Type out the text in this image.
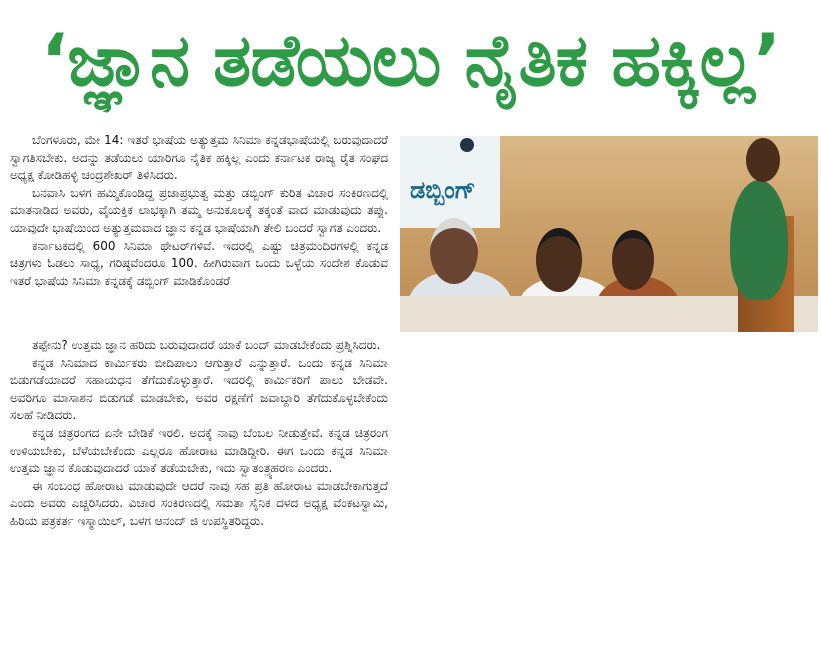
‘ಜ್ಞಾನ ತಡೆಯಲು ನೈತಿಕ ಹಕ್ಕಿಲ್ಲ’

ಬೆಂಗಳೂರು, ಮೇ 14: ಇತರೆ ಭಾಷೆಯ ಅತ್ಯುತ್ತಮ ಸಿನಿಮಾ ಕನ್ನಡಭಾಷೆಯಲ್ಲಿ ಬರುವುದಾದರೆ ಸ್ವಾಗತಿಸಬೇಕು. ಅದನ್ನು ತಡೆಯಲು ಯಾರಿಗೂ ನೈತಿಕ ಹಕ್ಕಿಲ್ಲ ಎಂದು ಕರ್ನಾಟಕ ರಾಜ್ಯ ರೈತ ಸಂಘದ ಅಧ್ಯಕ್ಷ ಕೋಡಿಹಳ್ಳಿ ಚಂದ್ರಶೇಖರ್ ತಿಳಿಸಿದರು.

ಬನವಾಸಿ ಬಳಗ ಹಮ್ಮಿಕೊಂಡಿದ್ದ ಪ್ರಜಾಪ್ರಭುತ್ವ ಮತ್ತು ಡಬ್ಬಿಂಗ್ ಕುರಿತ ವಿಚಾರ ಸಂಕಿರಣದಲ್ಲಿ ಮಾತನಾಡಿದ ಅವರು, ವೈಯಕ್ತಿಕ ಲಾಭಕ್ಕಾಗಿ ತಮ್ಮ ಅನುಕೂಲಕ್ಕೆ ತಕ್ಕಂತೆ ವಾದ ಮಾಡುವುದು ತಪ್ಪು. ಯಾವುದೇ ಭಾಷೆಯಿಂದ ಅತ್ಯುತ್ತಮವಾದ ಜ್ಞಾನ ಕನ್ನಡ ಭಾಷೆಯಾಗಿ ತೇಲಿ ಬಂದರೆ ಸ್ವಾಗತ ಎಂದರು.

ಕರ್ನಾಟಕದಲ್ಲಿ 600 ಸಿನಿಮಾ ಥೇಟರ್‌ಗಳಿವೆ. ಇದರಲ್ಲಿ ಎಷ್ಟು ಚಿತ್ರಮಂದಿರಗಳಲ್ಲಿ ಕನ್ನಡ ಚಿತ್ರಗಳು ಓಡಲು ಸಾಧ್ಯ, ಗರಿಷ್ಠವೆಂದರೂ 100. ಹೀಗಿರುವಾಗ ಒಂದು ಒಳ್ಳೆಯ ಸಂದೇಶ ಕೊಡುವ ಇತರೆ ಭಾಷೆಯ ಸಿನಿಮಾ ಕನ್ನಡಕ್ಕೆ ಡಬ್ಬಿಂಗ್ ಮಾಡಿಕೊಂಡರೆ

ತಪ್ಪೇನು? ಉತ್ತಮ ಜ್ಞಾನ ಹರಿದು ಬರುವುದಾದರೆ ಯಾಕೆ ಬಂದ್ ಮಾಡಬೇಕೆಂದು ಪ್ರಶ್ನಿಸಿದರು.

ಕನ್ನಡ ಸಿನಿಮಾದ ಕಾರ್ಮಿಕರು ಬೀದಿಪಾಲು ಆಗುತ್ತಾರೆ ಎನ್ನುತ್ತಾರೆ. ಒಂದು ಕನ್ನಡ ಸಿನಿಮಾ ಬಿಡುಗಡೆಯಾದರೆ ಸಹಾಯಧನ ತೆಗೆದುಕೊಳ್ಳುತ್ತಾರೆ. ಇದರಲ್ಲಿ ಕಾರ್ಮಿಕರಿಗೆ ಪಾಲು ಬೇಡವೇ. ಅವರಿಗೂ ಮಾಸಾಶನ ಬಿಡುಗಡೆ ಮಾಡಬೇಕು, ಅವರ ರಕ್ಷಣೆಗೆ ಜವಾಬ್ದಾರಿ ತೆಗೆದುಕೊಳ್ಳಬೇಕೆಂದು ಸಲಹೆ ನೀಡಿದರು.

ಕನ್ನಡ ಚಿತ್ರರಂಗದ ಏನೇ ಬೇಡಿಕೆ ಇರಲಿ. ಅದಕ್ಕೆ ನಾವು ಬೆಂಬಲ ನೀಡುತ್ತೇವೆ. ಕನ್ನಡ ಚಿತ್ರರಂಗ ಉಳಿಯಬೇಕು, ಬೆಳೆಯಬೇಕೆಂದು ಎಲ್ಲರೂ ಹೋರಾಟ ಮಾಡಿದ್ದೀರಿ. ಈಗ ಒಂದು ಕನ್ನಡ ಸಿನಿಮಾ ಉತ್ತಮ ಜ್ಞಾನ ಕೊಡುವುದಾದರೆ ಯಾಕೆ ತಡೆಯಬೇಕು, ಇದು ಸ್ವಾತಂತ್ರ್ಯಹರಣ ಎಂದರು.

ಈ ಸಂಬಂಧ ಹೋರಾಟ ಮಾಡುವುದೇ ಆದರೆ ನಾವು ಸಹ ಪ್ರತಿ ಹೋರಾಟ ಮಾಡಬೇಕಾಗುತ್ತದೆ ಎಂದು ಅವರು ಎಚ್ಚರಿಸಿದರು. ವಿಚಾರ ಸಂಕಿರಣದಲ್ಲಿ ಸಮತಾ ಸೈನಿಕ ದಳದ ಅಧ್ಯಕ್ಷ ವೆಂಕಟಸ್ವಾಮಿ, ಹಿರಿಯ ಪತ್ರಕರ್ತ ಇಸ್ಮಾಯಿಲ್, ಬಳಗ ಆನಂದ್ ಜಿ ಉಪಸ್ಥಿತರಿದ್ದರು.

ಡಬ್ಬಿಂಗ್
